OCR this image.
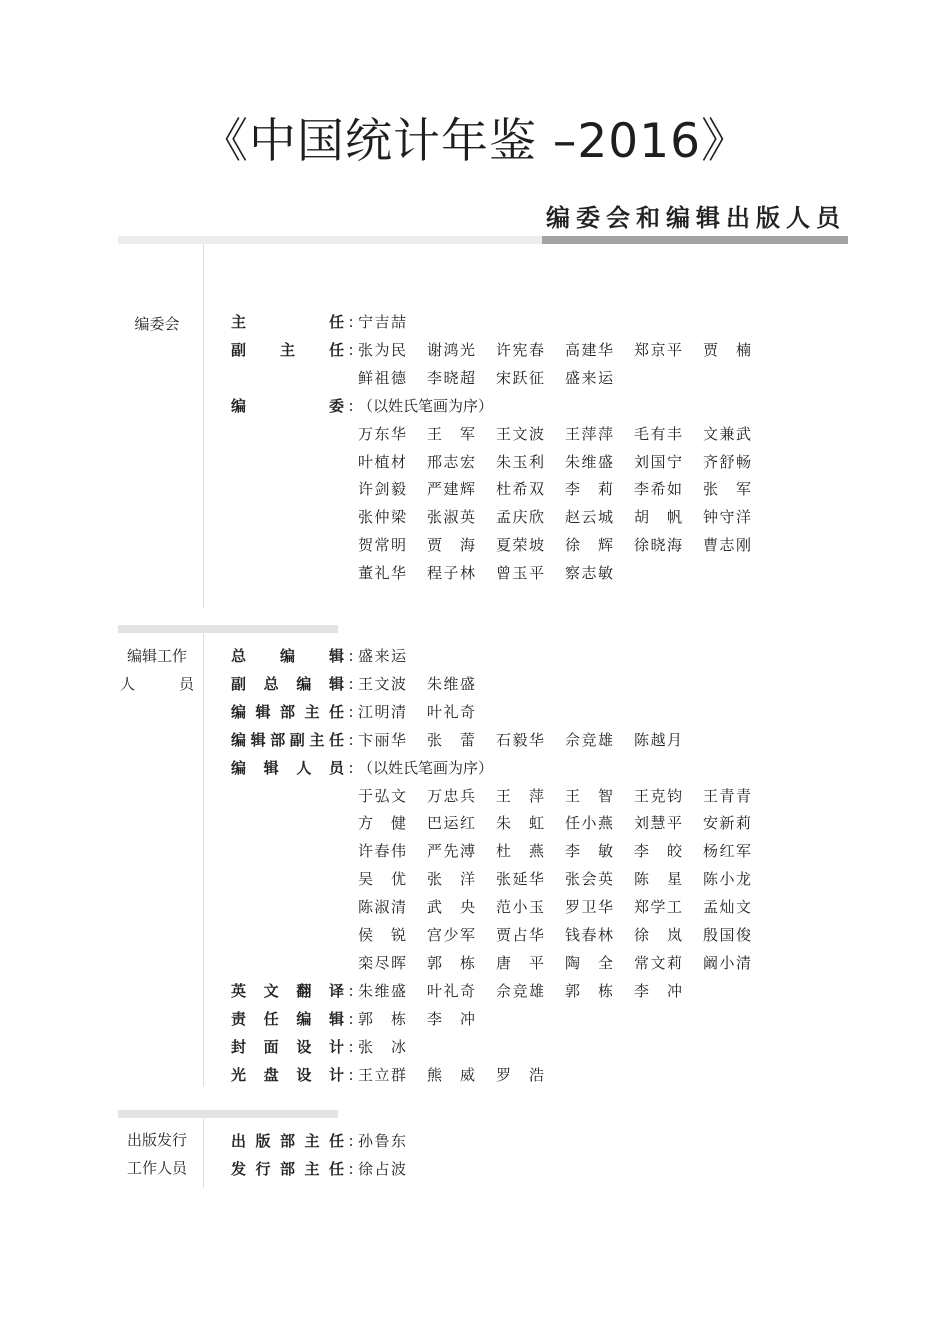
《中国统计年鉴 –2016》
编委会和编辑出版人员
编委会
编辑工作
人员
出版发行
工作人员
主　　任 : 宁吉喆
副　主　任 : 张为民 谢鸿光 许宪春 高建华 郑京平 贾　楠
鲜祖德 李晓超 宋跃征 盛来运
编　　委 : （以姓氏笔画为序）
万东华 王　军 王文波 王萍萍 毛有丰 文兼武
叶植材 邢志宏 朱玉利 朱维盛 刘国宁 齐舒畅
许剑毅 严建辉 杜希双 李　莉 李希如 张　军
张仲梁 张淑英 孟庆欣 赵云城 胡　帆 钟守洋
贺常明 贾　海 夏荣坡 徐　辉 徐晓海 曹志刚
董礼华 程子林 曾玉平 察志敏
总编辑 : 盛来运
副总编辑 : 王文波 朱维盛
编辑部主任 : 江明清 叶礼奇
编辑部副主任 : 卞丽华 张　蕾 石毅华 佘竞雄 陈越月
编辑人员 : （以姓氏笔画为序）
于弘文 万忠兵 王　萍 王　智 王克钧 王青青
方　健 巴运红 朱　虹 任小燕 刘慧平 安新莉
许春伟 严先溥 杜　燕 李　敏 李　皎 杨红军
吴　优 张　洋 张延华 张会英 陈　星 陈小龙
陈淑清 武　央 范小玉 罗卫华 郑学工 孟灿文
侯　锐 宫少军 贾占华 钱春林 徐　岚 殷国俊
栾尽晖 郭　栋 唐　平 陶　全 常文莉 阚小清
英文翻译 : 朱维盛 叶礼奇 佘竞雄 郭　栋 李　冲
责任编辑 : 郭　栋 李　冲
封面设计 : 张　冰
光盘设计 : 王立群 熊　威 罗　浩
出版部主任 : 孙鲁东
发行部主任 : 徐占波
